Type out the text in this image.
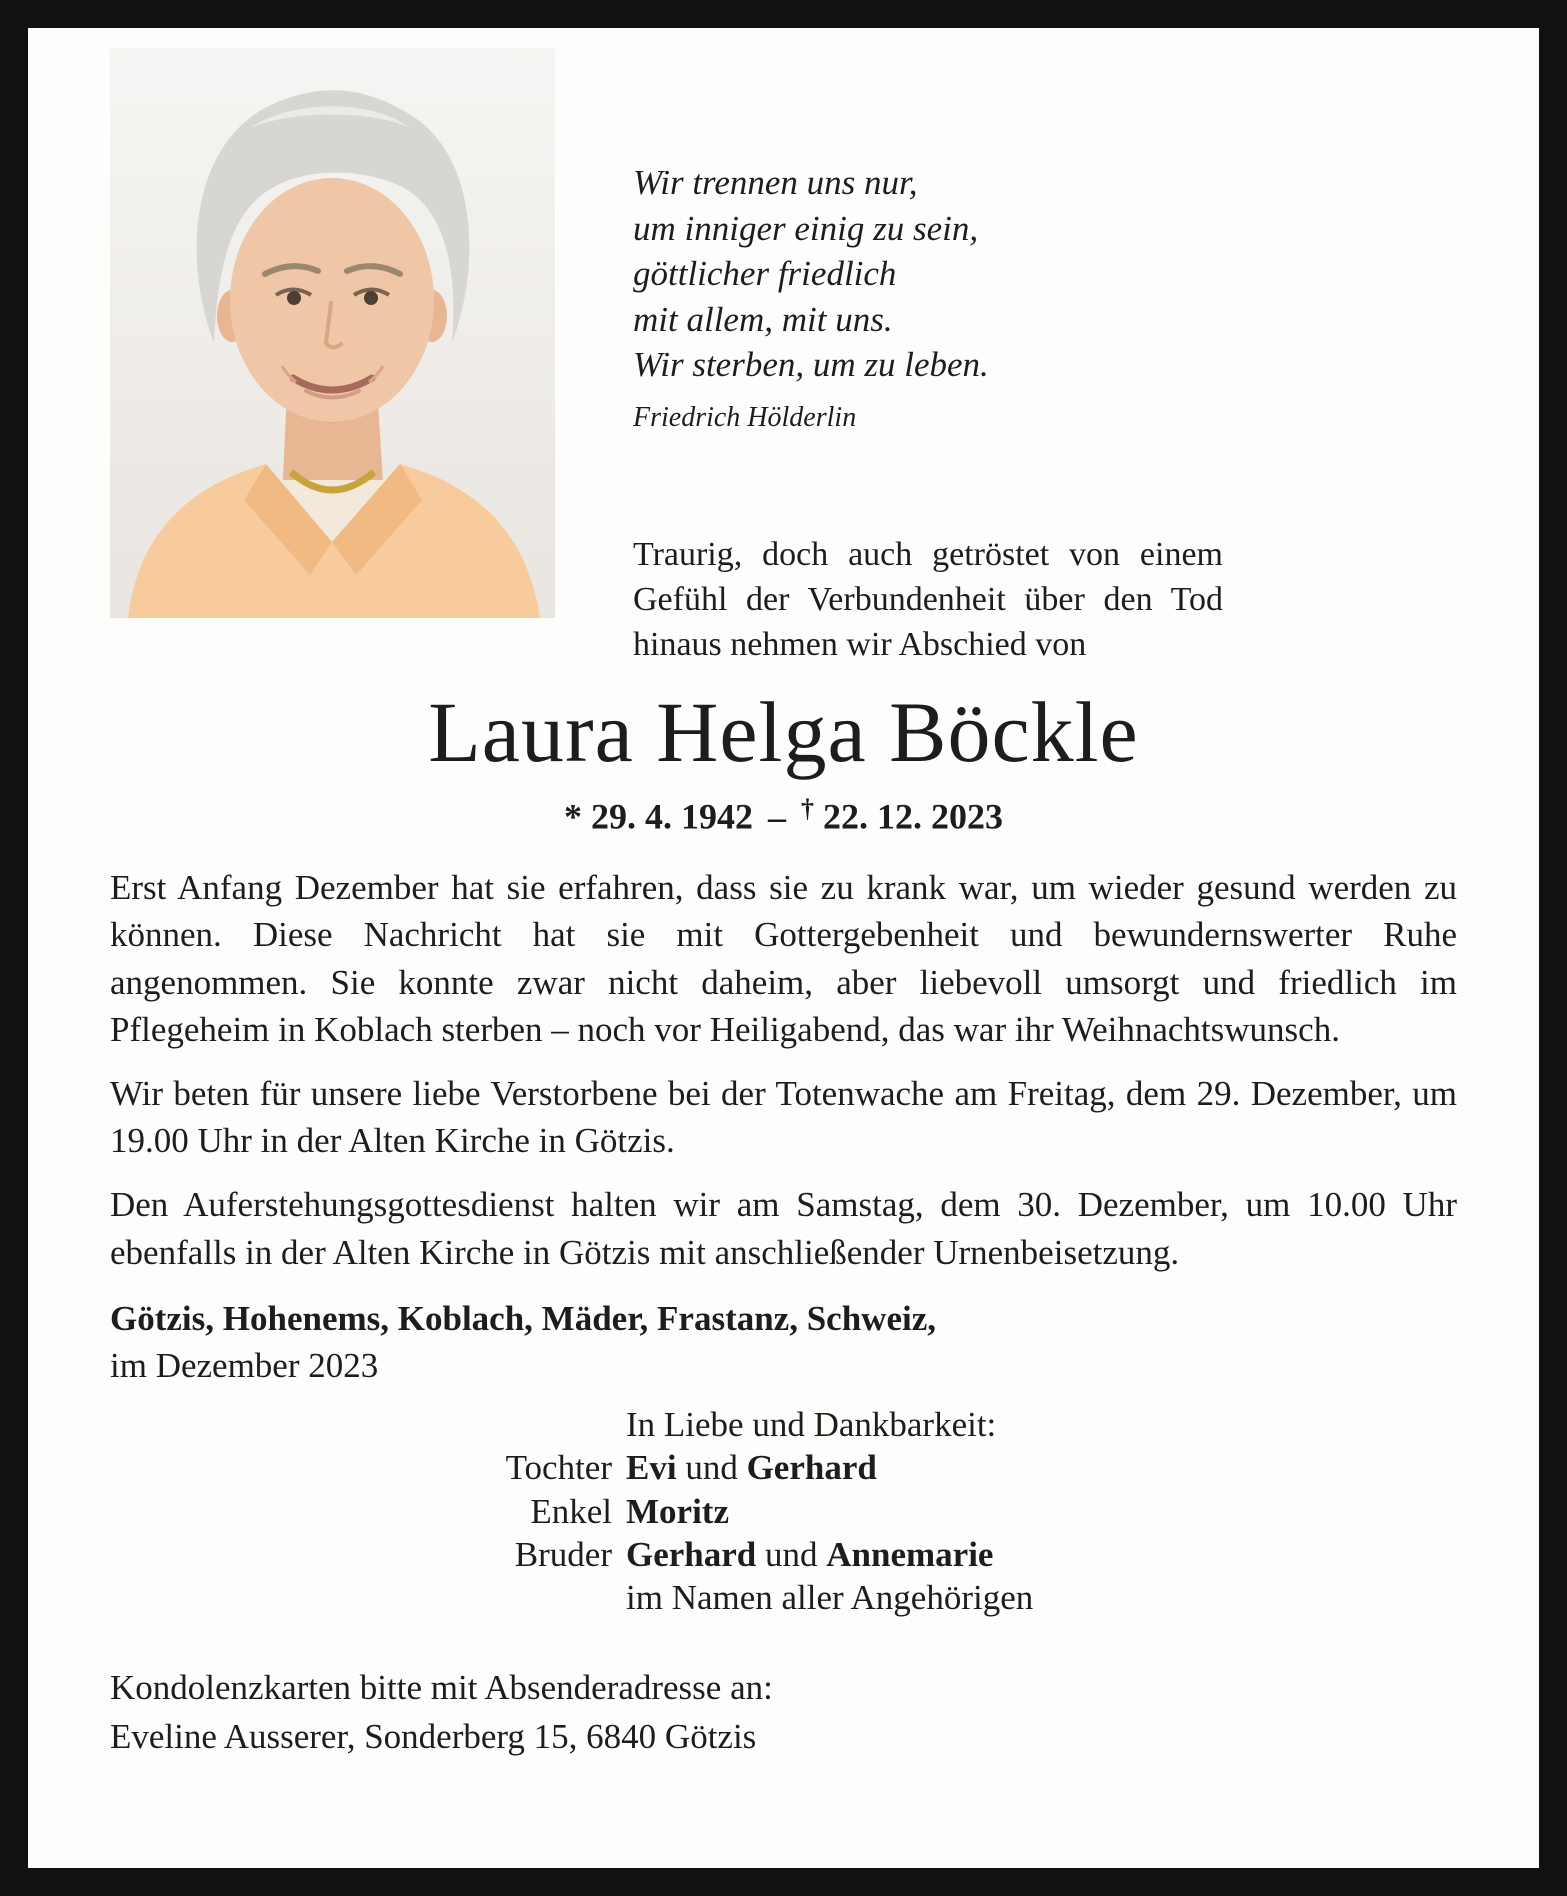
Wir trennen uns nur,
um inniger einig zu sein,
göttlicher friedlich
mit allem, mit uns.
Wir sterben, um zu leben.
Friedrich Hölderlin
Traurig, doch auch getröstet von einem Gefühl der Verbundenheit über den Tod hinaus nehmen wir Abschied von
Laura Helga Böckle
* 29. 4. 1942 – † 22. 12. 2023

Erst Anfang Dezember hat sie erfahren, dass sie zu krank war, um wieder gesund werden zu können. Diese Nachricht hat sie mit Gottergebenheit und bewundernswerter Ruhe angenommen. Sie konnte zwar nicht daheim, aber liebevoll umsorgt und friedlich im Pflegeheim in Koblach sterben – noch vor Heiligabend, das war ihr Weihnachtswunsch.

Wir beten für unsere liebe Verstorbene bei der Totenwache am Freitag, dem 29. Dezember, um 19.00 Uhr in der Alten Kirche in Götzis.

Den Auferstehungsgottesdienst halten wir am Samstag, dem 30. Dezember, um 10.00 Uhr ebenfalls in der Alten Kirche in Götzis mit anschließender Urnenbeisetzung.

Götzis, Hohenems, Koblach, Mäder, Frastanz, Schweiz,
im Dezember 2023
In Liebe und Dankbarkeit:
Tochter Evi und Gerhard
Enkel Moritz
Bruder Gerhard und Annemarie
im Namen aller Angehörigen
Kondolenzkarten bitte mit Absenderadresse an:
Eveline Ausserer, Sonderberg 15, 6840 Götzis
